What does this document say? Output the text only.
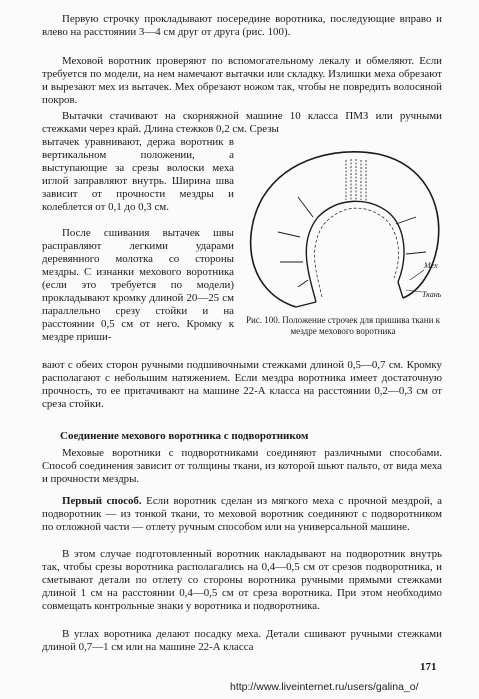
Первую строчку прокладывают посередине воротника, последующие вправо и влево на расстоянии 3—4 см друг от друга (рис. 100).

Меховой воротник проверяют по вспомогательному лекалу и обмеляют. Если требуется по модели, на нем намечают вытачки или складку. Излишки меха обрезают и вырезают мех из вытачек. Мех обрезают ножом так, чтобы не повредить волосяной покров.

Вытачки стачивают на скорняжной машине 10 класса ПМЗ или ручными стежками через край. Длина стежков 0,2 см. Срезы

вытачек уравнивают, держа воротник в вертикальном положении, а выступающие за срезы волоски меха иглой заправляют внутрь. Ширина шва зависит от прочности мездры и колеблется от 0,1 до 0,3 см.

После сшивания вытачек швы расправляют легкими ударами деревянного молотка со стороны мездры. С изнанки мехового воротника (если это требуется по модели) прокладывают кромку длиной 20—25 см параллельно срезу стойки и на расстоянии 0,5 см от него. Кромку к мездре приши-

вают с обеих сторон ручными подшивочными стежками длиной 0,5—0,7 см. Кромку располагают с небольшим натяжением. Если мездра воротника имеет достаточную прочность, то ее притачивают на машине 22-А класса на расстоянии 0,2—0,3 см от среза стойки.

Мех
Ткань

Рис. 100. Положение строчек для пришива ткани к мездре мехового воротника

Соединение мехового воротника с подворотником

Меховые воротники с подворотниками соединяют различными способами. Способ соединения зависит от толщины ткани, из которой шьют пальто, от вида меха и прочности мездры.

Первый способ. Если воротник сделан из мягкого меха с прочной мездрой, а подворотник — из тонкой ткани, то меховой воротник соединяют с подворотником по отложной части — отлету ручным способом или на универсальной машине.

В этом случае подготовленный воротник накладывают на подворотник внутрь так, чтобы срезы воротника располагались на 0,4—0,5 см от срезов подворотника, и сметывают детали по отлету со стороны воротника ручными прямыми стежками длиной 1 см на расстоянии 0,4—0,5 см от среза воротника. При этом необходимо совмещать контрольные знаки у воротника и подворотника.

В углах воротника делают посадку меха. Детали сшивают ручными стежками длиной 0,7—1 см или на машине 22-А класса

171
http://www.liveinternet.ru/users/galina_o/
